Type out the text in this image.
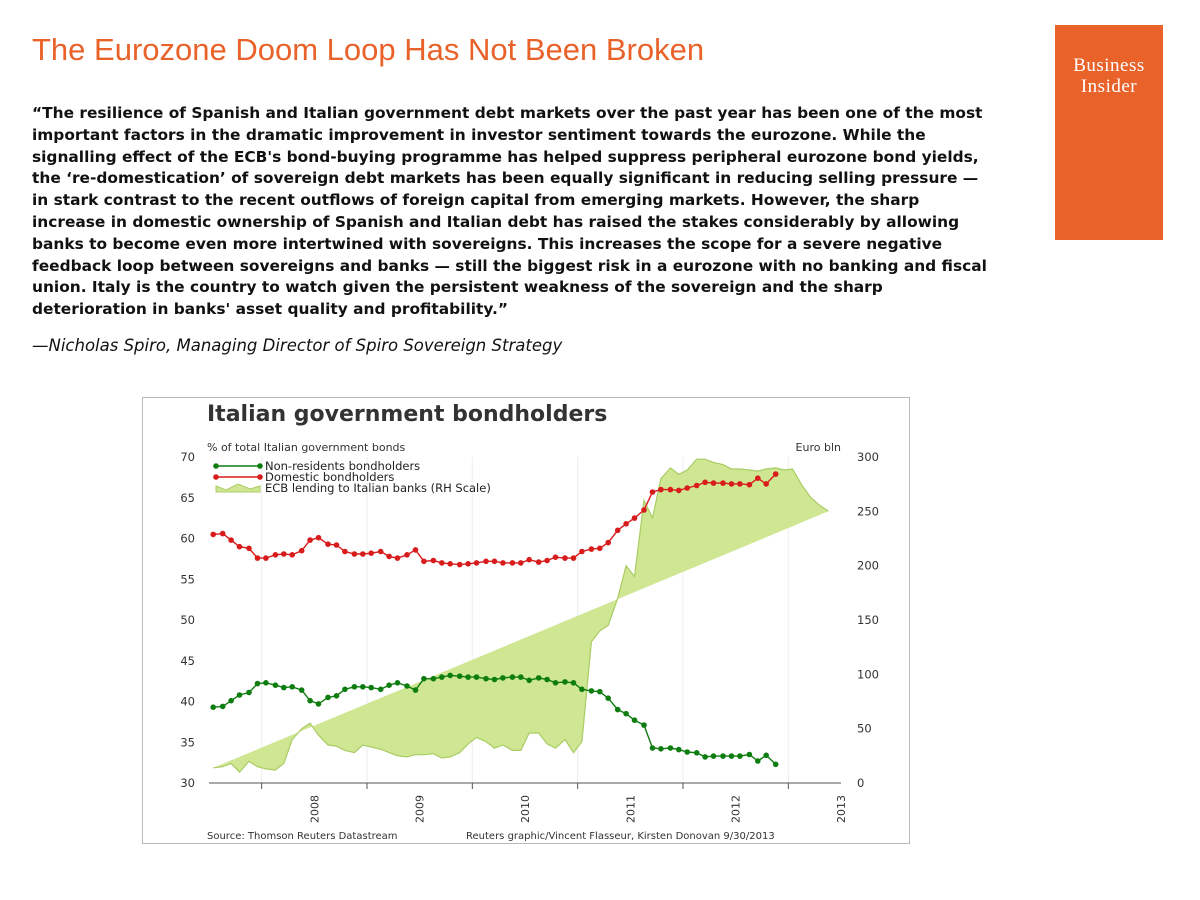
The Eurozone Doom Loop Has Not Been Broken	Business
Insider
“The resilience of Spanish and Italian government debt markets over the past year has been one of the most important factors in the dramatic improvement in investor sentiment towards the eurozone. While the signalling effect of the ECB's bond-buying programme has helped suppress peripheral eurozone bond yields, the ‘re-domestication’ of sovereign debt markets has been equally significant in reducing selling pressure — in stark contrast to the recent outflows of foreign capital from emerging markets. However, the sharp increase in domestic ownership of Spanish and Italian debt has raised the stakes considerably by allowing banks to become even more intertwined with sovereigns. This increases the scope for a severe negative feedback loop between sovereigns and banks — still the biggest risk in a eurozone with no banking and fiscal union. Italy is the country to watch given the persistent weakness of the sovereign and the sharp deterioration in banks' asset quality and profitability.”
—Nicholas Spiro, Managing Director of Spiro Sovereign Strategy
Italian government bondholders
% of total Italian government bonds	Euro bln
70
65
60
55
50
45
40
35
30
300
250
200
150
100
50
0
2008	2009	2010	2011	2012	2013
Non-residents bondholders
Domestic bondholders
ECB lending to Italian banks (RH Scale)
Source: Thomson Reuters Datastream	Reuters graphic/Vincent Flasseur, Kirsten Donovan 9/30/2013
